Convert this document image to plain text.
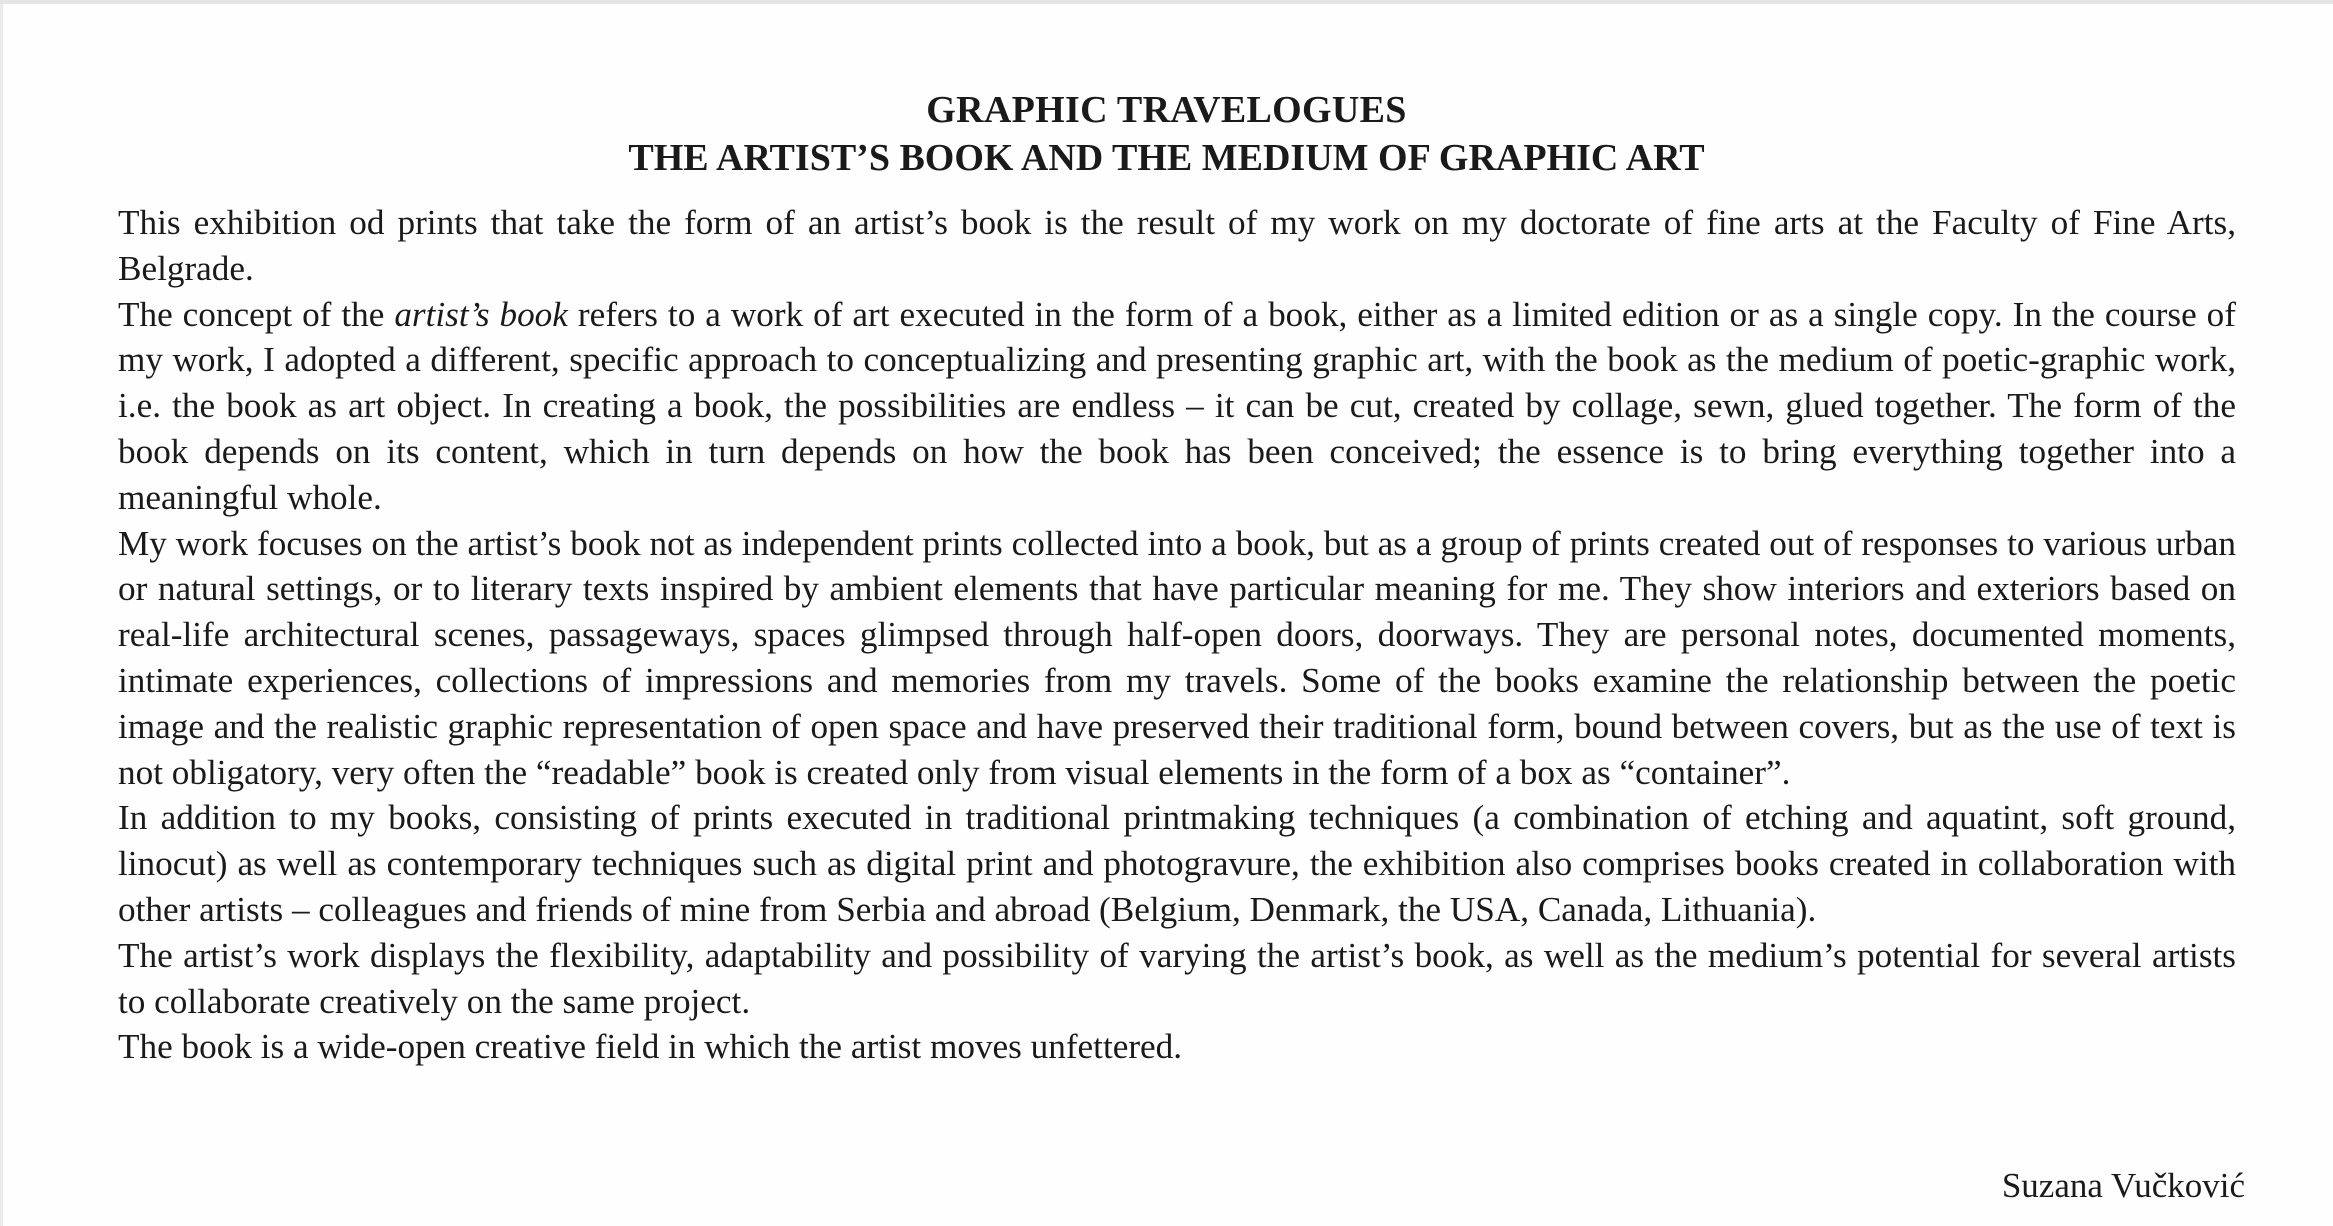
GRAPHIC TRAVELOGUES
THE ARTIST’S BOOK AND THE MEDIUM OF GRAPHIC ART

This exhibition od prints that take the form of an artist’s book is the result of my work on my doctorate of fine arts at the Faculty of Fine Arts, Belgrade.

The concept of the artist’s book refers to a work of art executed in the form of a book, either as a limited edition or as a single copy. In the course of my work, I adopted a different, specific approach to conceptualizing and presenting graphic art, with the book as the medium of poetic-graphic work, i.e. the book as art object. In creating a book, the possibilities are endless – it can be cut, created by collage, sewn, glued together. The form of the book depends on its content, which in turn depends on how the book has been conceived; the essence is to bring everything together into a meaningful whole.

My work focuses on the artist’s book not as independent prints collected into a book, but as a group of prints created out of responses to various urban or natural settings, or to literary texts inspired by ambient elements that have particular meaning for me. They show interiors and exteriors based on real-life architectural scenes, passageways, spaces glimpsed through half-open doors, doorways. They are personal notes, documented moments, intimate experiences, collections of impressions and memories from my travels. Some of the books examine the relationship between the poetic image and the realistic graphic representation of open space and have preserved their traditional form, bound between covers, but as the use of text is not obligatory, very often the “readable” book is created only from visual elements in the form of a box as “container”.

In addition to my books, consisting of prints executed in traditional printmaking techniques (a combination of etching and aquatint, soft ground, linocut) as well as contemporary techniques such as digital print and photogravure, the exhibition also comprises books created in collaboration with other artists – colleagues and friends of mine from Serbia and abroad (Belgium, Denmark, the USA, Canada, Lithuania).

The artist’s work displays the flexibility, adaptability and possibility of varying the artist’s book, as well as the medium’s potential for several artists to collaborate creatively on the same project.

The book is a wide-open creative field in which the artist moves unfettered.

Suzana Vučković
